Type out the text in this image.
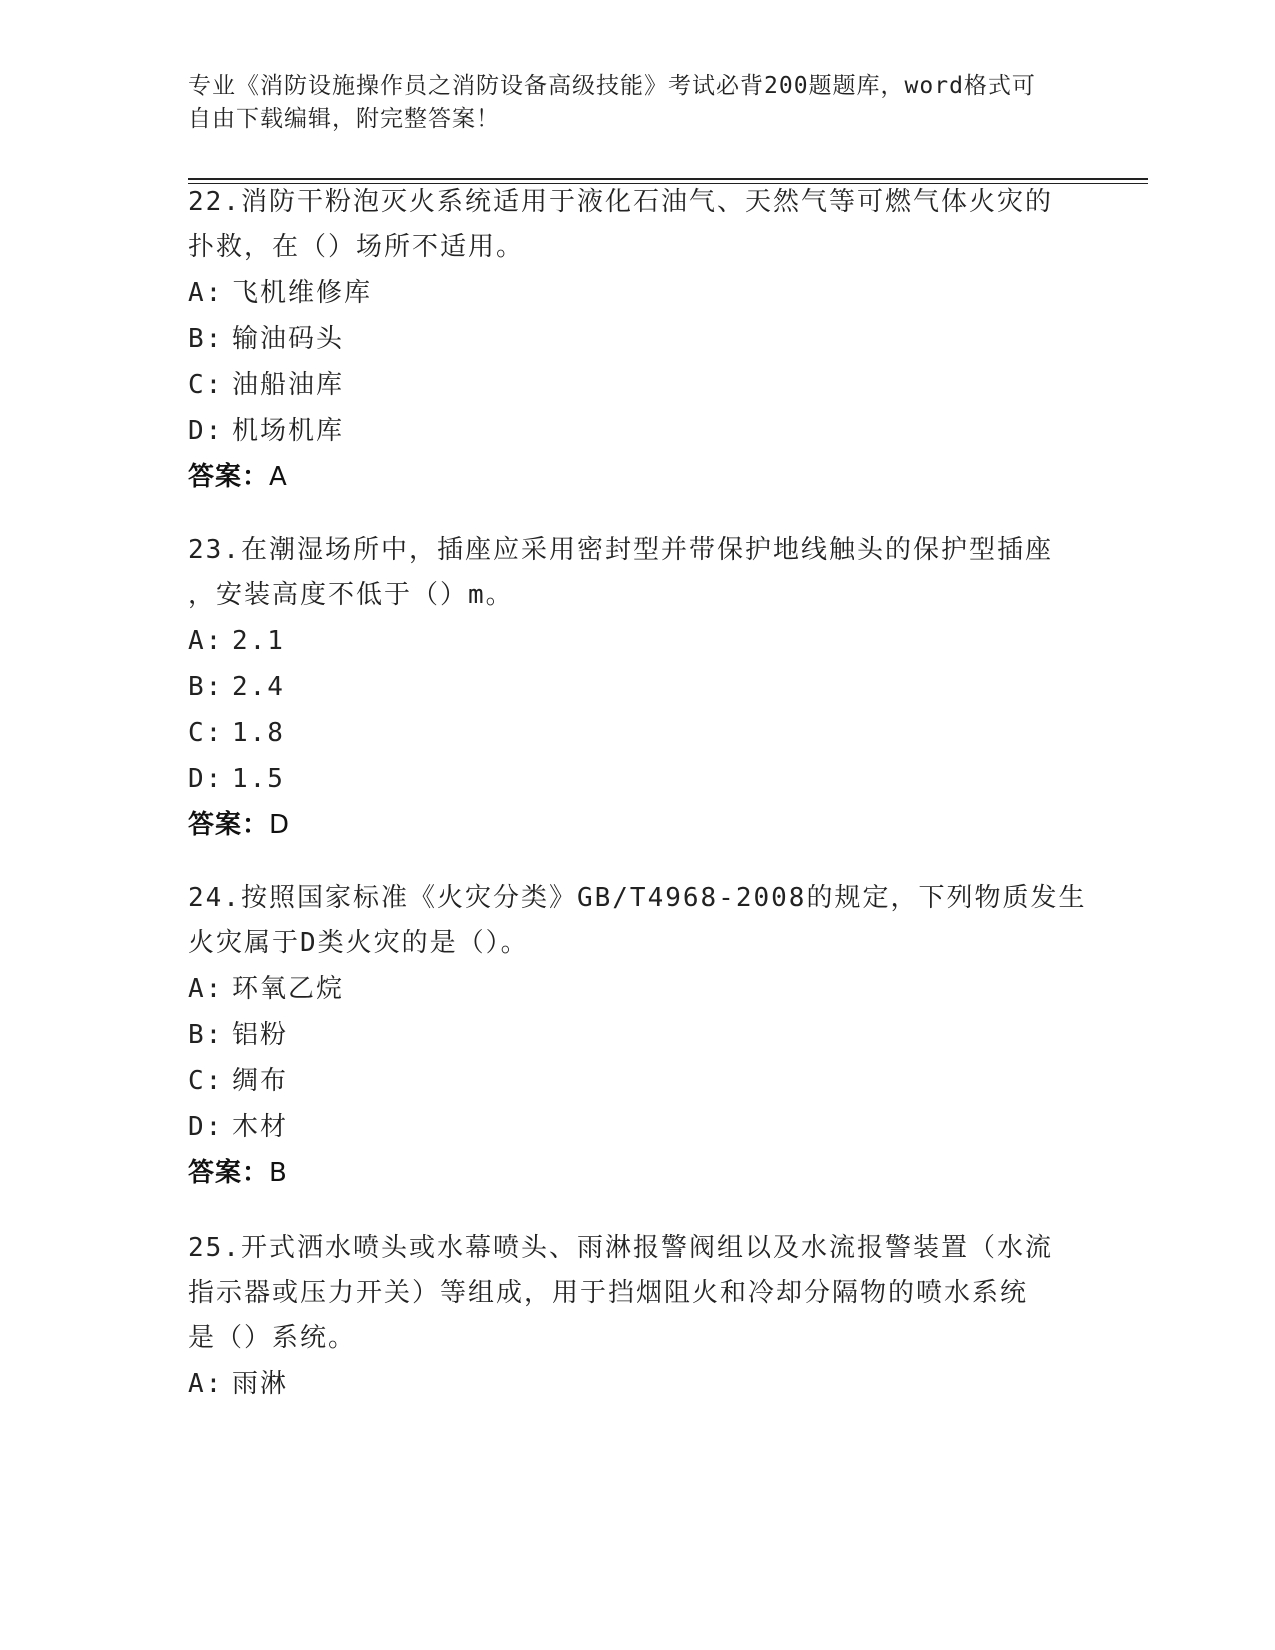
专业《消防设施操作员之消防设备高级技能》考试必背200题题库，word格式可
自由下载编辑，附完整答案！

22.消防干粉泡灭火系统适用于液化石油气、天然气等可燃气体火灾的

扑救，在（）场所不适用。

A: 飞机维修库

B: 输油码头

C: 油船油库

D: 机场机库

答案：A

23.在潮湿场所中，插座应采用密封型并带保护地线触头的保护型插座

，安装高度不低于（）m。

A: 2.1

B: 2.4

C: 1.8

D: 1.5

答案：D

24.按照国家标准《火灾分类》GB/T4968-2008的规定，下列物质发生

火灾属于D类火灾的是（）。

A: 环氧乙烷

B: 铝粉

C: 绸布

D: 木材

答案：B

25.开式洒水喷头或水幕喷头、雨淋报警阀组以及水流报警装置（水流

指示器或压力开关）等组成，用于挡烟阻火和冷却分隔物的喷水系统

是（）系统。

A: 雨淋
